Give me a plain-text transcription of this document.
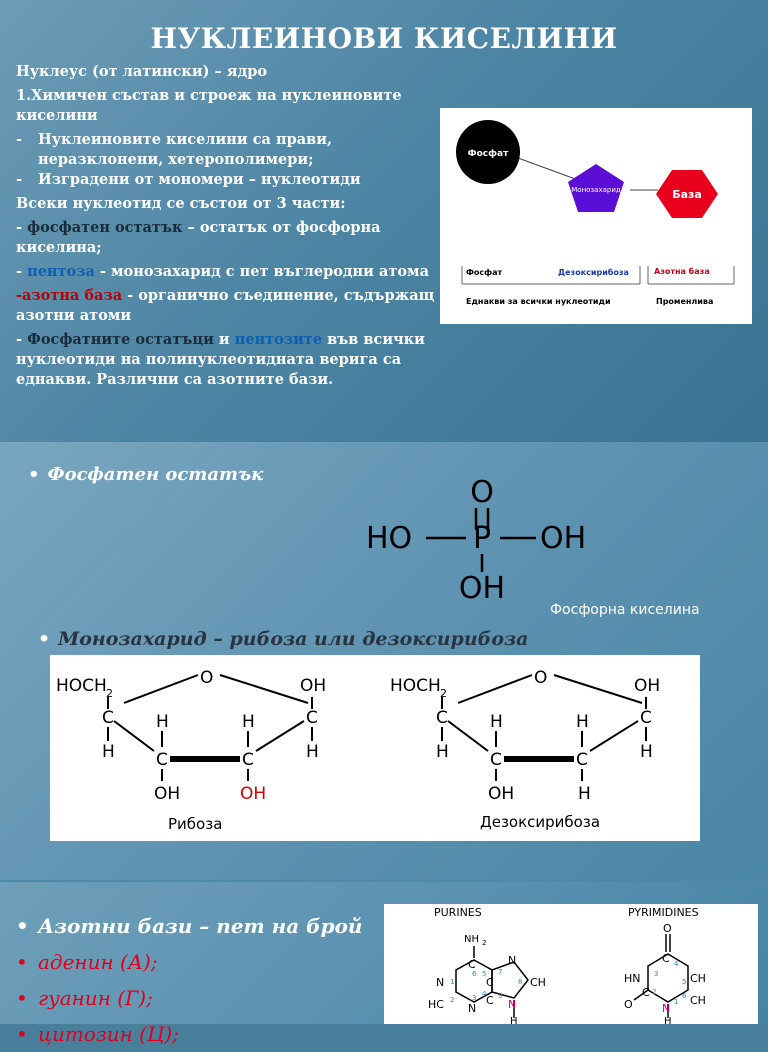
НУКЛЕИНОВИ КИСЕЛИНИ

Нуклеус (от латински) – ядро

1.Химичен състав и строеж на нуклеиновите киселини

-	Нуклеиновите киселини са прави, неразклонени, хетерополимери;
-	Изградени от мономери – нуклеотиди

Всеки нуклеотид се състои от 3 части:

- фосфатен остатък – остатък от фосфорна киселина;

- пентоза - монозахарид с пет въглеродни атома

-азотна база - органично съединение, съдържащ азотни атоми

- Фосфатните остатъци и пентозите във всички нуклеотиди на полинуклеотидната верига са еднакви. Различни са азотните бази.

Фосфат
Монозахарид	База
Фосфат	Дезоксирибоза	Азотна база
Еднакви за всички нуклеотиди	Променлива
• Фосфатен остатък
O
HO P OH
OH
Фосфорна киселина
• Монозахарид – рибоза или дезоксирибоза
HOCH 2
O	OH
C	C
H	H
H	H
C	C
OH	OH
Рибоза
HOCH 2
O	OH
C	C
H	H
H	H
C	C
OH	H
Дезоксирибоза
• Азотни бази – пет на брой
• аденин (А);
• гуанин (Г);
• цитозин (Ц);
PURINES	PYRIMIDINES
NH 2
C
N
HC N
C
C
N
CH
N
H
1
2	3 4
5
6	7
8
9
O
C
HN	CH
CH
C
O	N
H
4
5
6
1
2
3
